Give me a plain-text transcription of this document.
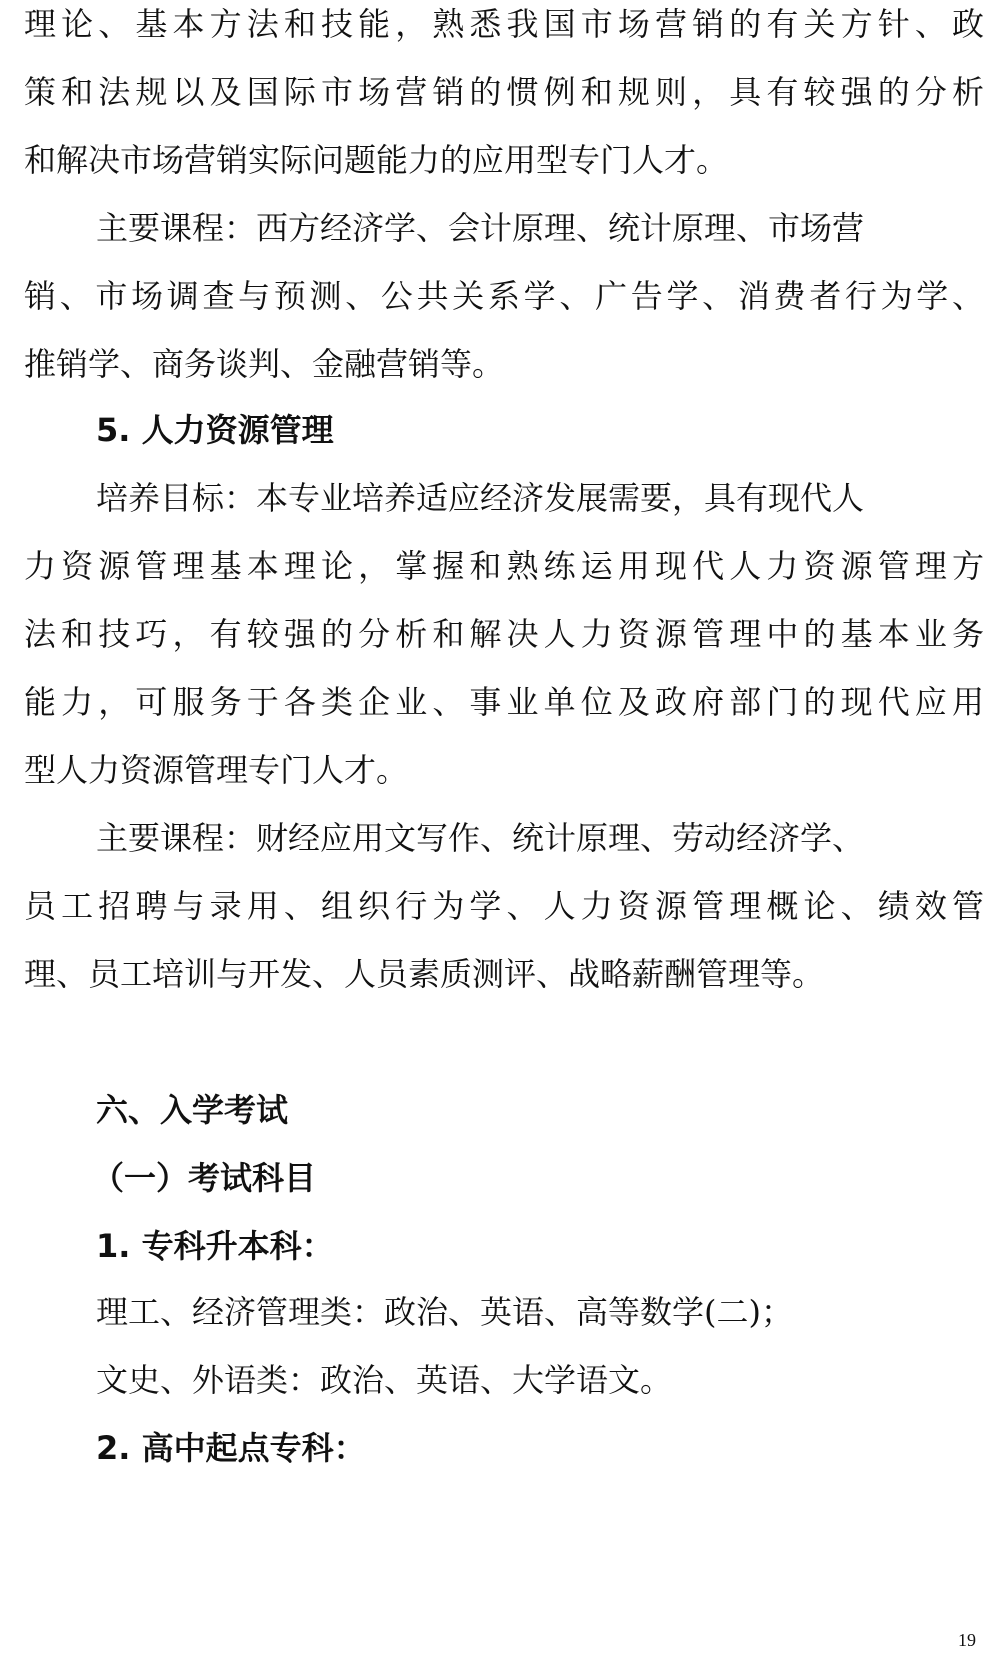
理论、基本方法和技能，熟悉我国市场营销的有关方针、政
策和法规以及国际市场营销的惯例和规则，具有较强的分析
和解决市场营销实际问题能力的应用型专门人才。
主要课程：西方经济学、会计原理、统计原理、市场营
销、市场调查与预测、公共关系学、广告学、消费者行为学、
推销学、商务谈判、金融营销等。
5. 人力资源管理
培养目标：本专业培养适应经济发展需要，具有现代人
力资源管理基本理论，掌握和熟练运用现代人力资源管理方
法和技巧，有较强的分析和解决人力资源管理中的基本业务
能力，可服务于各类企业、事业单位及政府部门的现代应用
型人力资源管理专门人才。
主要课程：财经应用文写作、统计原理、劳动经济学、
员工招聘与录用、组织行为学、人力资源管理概论、绩效管
理、员工培训与开发、人员素质测评、战略薪酬管理等。
六、入学考试
（一）考试科目
1. 专科升本科：
理工、经济管理类：政治、英语、高等数学(二)；
文史、外语类：政治、英语、大学语文。
2. 高中起点专科：
19
